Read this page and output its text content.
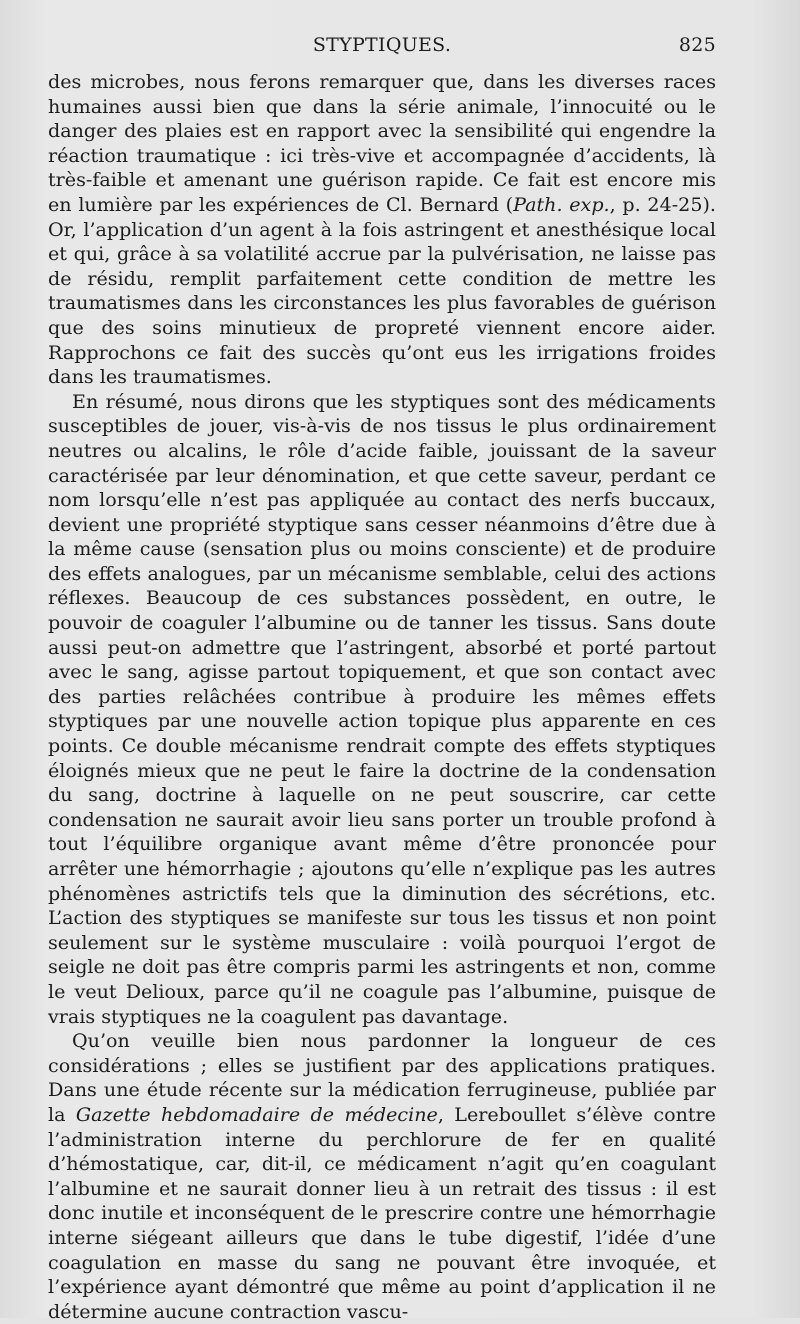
STYPTIQUES.	825

des microbes, nous ferons remarquer que, dans les diverses races humaines aussi bien que dans la série animale, l’innocuité ou le danger des plaies est en rapport avec la sensibilité qui engendre la réaction traumatique : ici très-vive et accompagnée d’accidents, là très-faible et amenant une guérison rapide. Ce fait est encore mis en lumière par les expériences de Cl. Bernard (Path. exp., p. 24-25). Or, l’application d’un agent à la fois astringent et anesthésique local et qui, grâce à sa volatilité accrue par la pulvérisation, ne laisse pas de résidu, remplit parfaitement cette condition de mettre les traumatismes dans les circonstances les plus favorables de guérison que des soins minutieux de propreté viennent encore aider. Rapprochons ce fait des succès qu’ont eus les irrigations froides dans les traumatismes.

En résumé, nous dirons que les styptiques sont des médicaments susceptibles de jouer, vis-à-vis de nos tissus le plus ordinairement neutres ou alcalins, le rôle d’acide faible, jouissant de la saveur caractérisée par leur dénomination, et que cette saveur, perdant ce nom lorsqu’elle n’est pas appliquée au contact des nerfs buccaux, devient une propriété styptique sans cesser néanmoins d’être due à la même cause (sensation plus ou moins consciente) et de produire des effets analogues, par un mécanisme semblable, celui des actions réflexes. Beaucoup de ces substances possèdent, en outre, le pouvoir de coaguler l’albumine ou de tanner les tissus. Sans doute aussi peut-on admettre que l’astringent, absorbé et porté partout avec le sang, agisse partout topiquement, et que son contact avec des parties relâchées contribue à produire les mêmes effets styptiques par une nouvelle action topique plus apparente en ces points. Ce double mécanisme rendrait compte des effets styptiques éloignés mieux que ne peut le faire la doctrine de la condensation du sang, doctrine à laquelle on ne peut souscrire, car cette condensation ne saurait avoir lieu sans porter un trouble profond à tout l’équilibre organique avant même d’être prononcée pour arrêter une hémorrhagie ; ajoutons qu’elle n’explique pas les autres phénomènes astrictifs tels que la diminution des sécrétions, etc. L’action des styptiques se manifeste sur tous les tissus et non point seulement sur le système musculaire : voilà pourquoi l’ergot de seigle ne doit pas être compris parmi les astringents et non, comme le veut Delioux, parce qu’il ne coagule pas l’albumine, puisque de vrais styptiques ne la coagulent pas davantage.

Qu’on veuille bien nous pardonner la longueur de ces considérations ; elles se justifient par des applications pratiques. Dans une étude récente sur la médication ferrugineuse, publiée par la Gazette hebdomadaire de médecine, Lereboullet s’élève contre l’administration interne du perchlorure de fer en qualité d’hémostatique, car, dit-il, ce médicament n’agit qu’en coagulant l’albumine et ne saurait donner lieu à un retrait des tissus : il est donc inutile et inconséquent de le prescrire contre une hémorrhagie interne siégeant ailleurs que dans le tube digestif, l’idée d’une coagulation en masse du sang ne pouvant être invoquée, et l’expérience ayant démontré que même au point d’application il ne détermine aucune contraction vascu-
